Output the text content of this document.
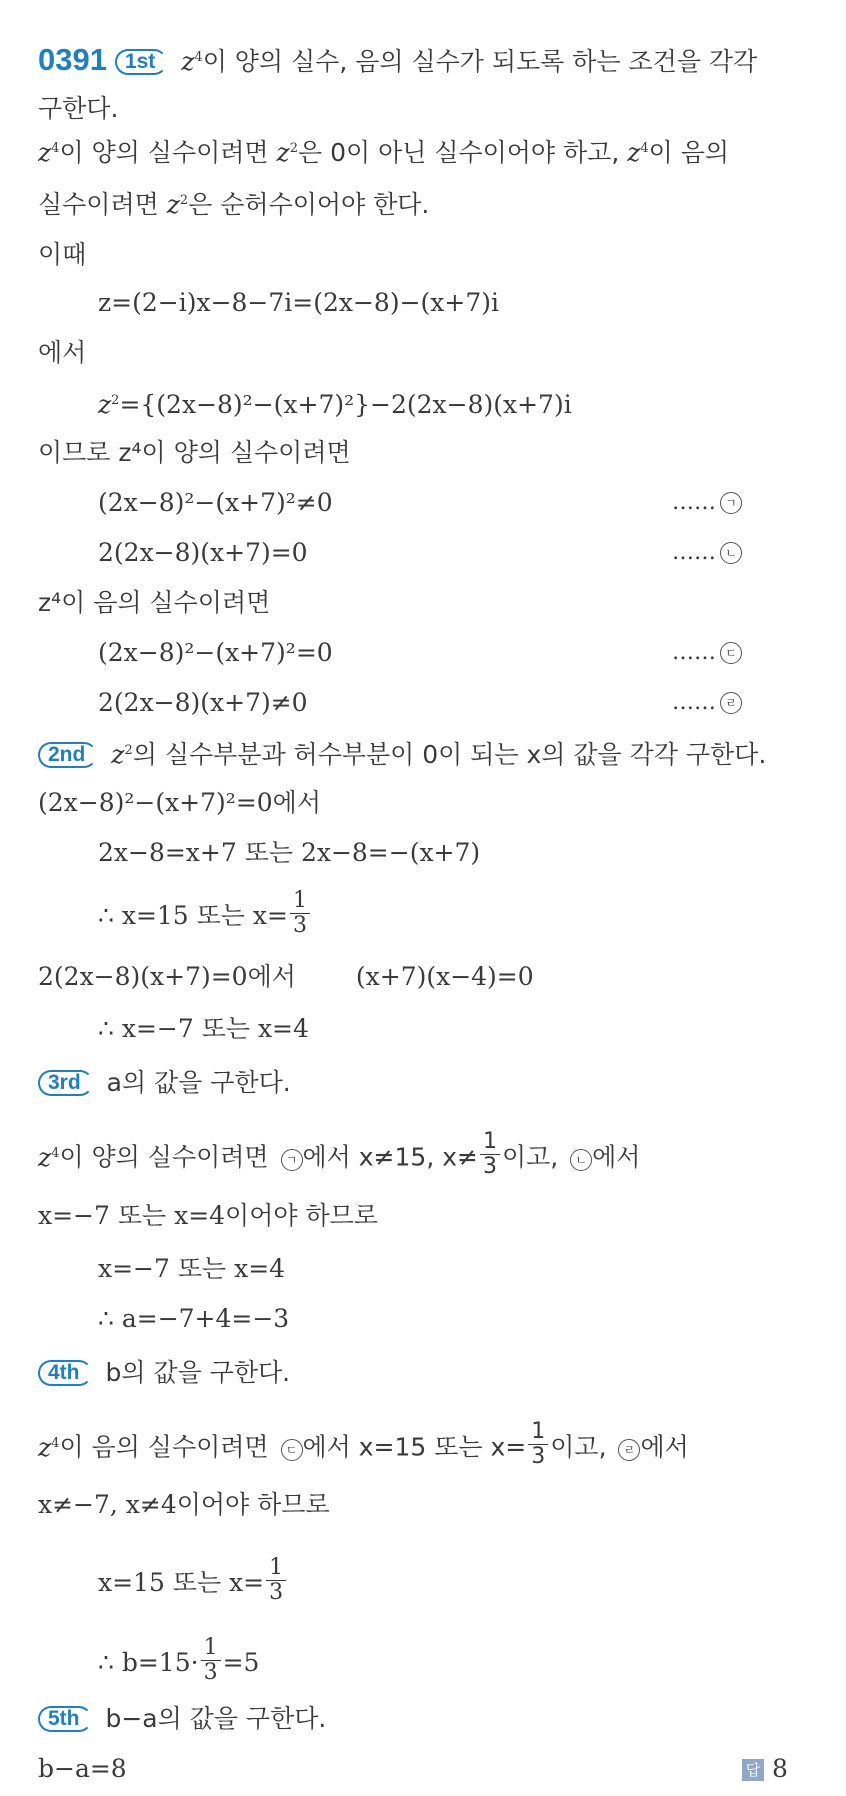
0391 1st $z^4$이 양의 실수, 음의 실수가 되도록 하는 조건을 각각
구한다.
$z^4$이 양의 실수이려면 $z^2$은 0이 아닌 실수이어야 하고, $z^4$이 음의
실수이려면 $z^2$은 순허수이어야 한다.
이때
z=(2−i)x−8−7i=(2x−8)−(x+7)i
에서
$z^2=\{(2x-8)^2-(x+7)^2\}-2(2x-8)(x+7)i$
이므로 z⁴이 양의 실수이려면
(2x−8)²−(x+7)²≠0	…… ㄱ
2(2x−8)(x+7)=0	…… ㄴ
z⁴이 음의 실수이려면
(2x−8)²−(x+7)²=0	…… ㄷ
2(2x−8)(x+7)≠0	…… ㄹ
2nd $z^2$의 실수부분과 허수부분이 0이 되는 x의 값을 각각 구한다.
(2x−8)²−(x+7)²=0에서
2x−8=x+7 또는 2x−8=−(x+7)
∴ x=15 또는 $x= \frac{1}{3}$
2(2x−8)(x+7)=0에서 (x+7)(x−4)=0
∴ x=−7 또는 x=4
3rd a의 값을 구한다.
$z^4$이 양의 실수이려면 ㄱ 에서 x≠15, $x\ne \frac{1}{3}$ 이고, ㄴ 에서
x=−7 또는 x=4이어야 하므로
x=−7 또는 x=4
∴ a=−7+4=−3
4th b의 값을 구한다.
$z^4$이 음의 실수이려면 ㄷ 에서 x=15 또는 $x= \frac{1}{3}$ 이고, ㄹ 에서
x≠−7, x≠4이어야 하므로
x=15 또는 $x= \frac{1}{3}$
∴ $b=15\cdot \frac{1}{3} =5$
5th b−a의 값을 구한다.
b−a=8	답 8
